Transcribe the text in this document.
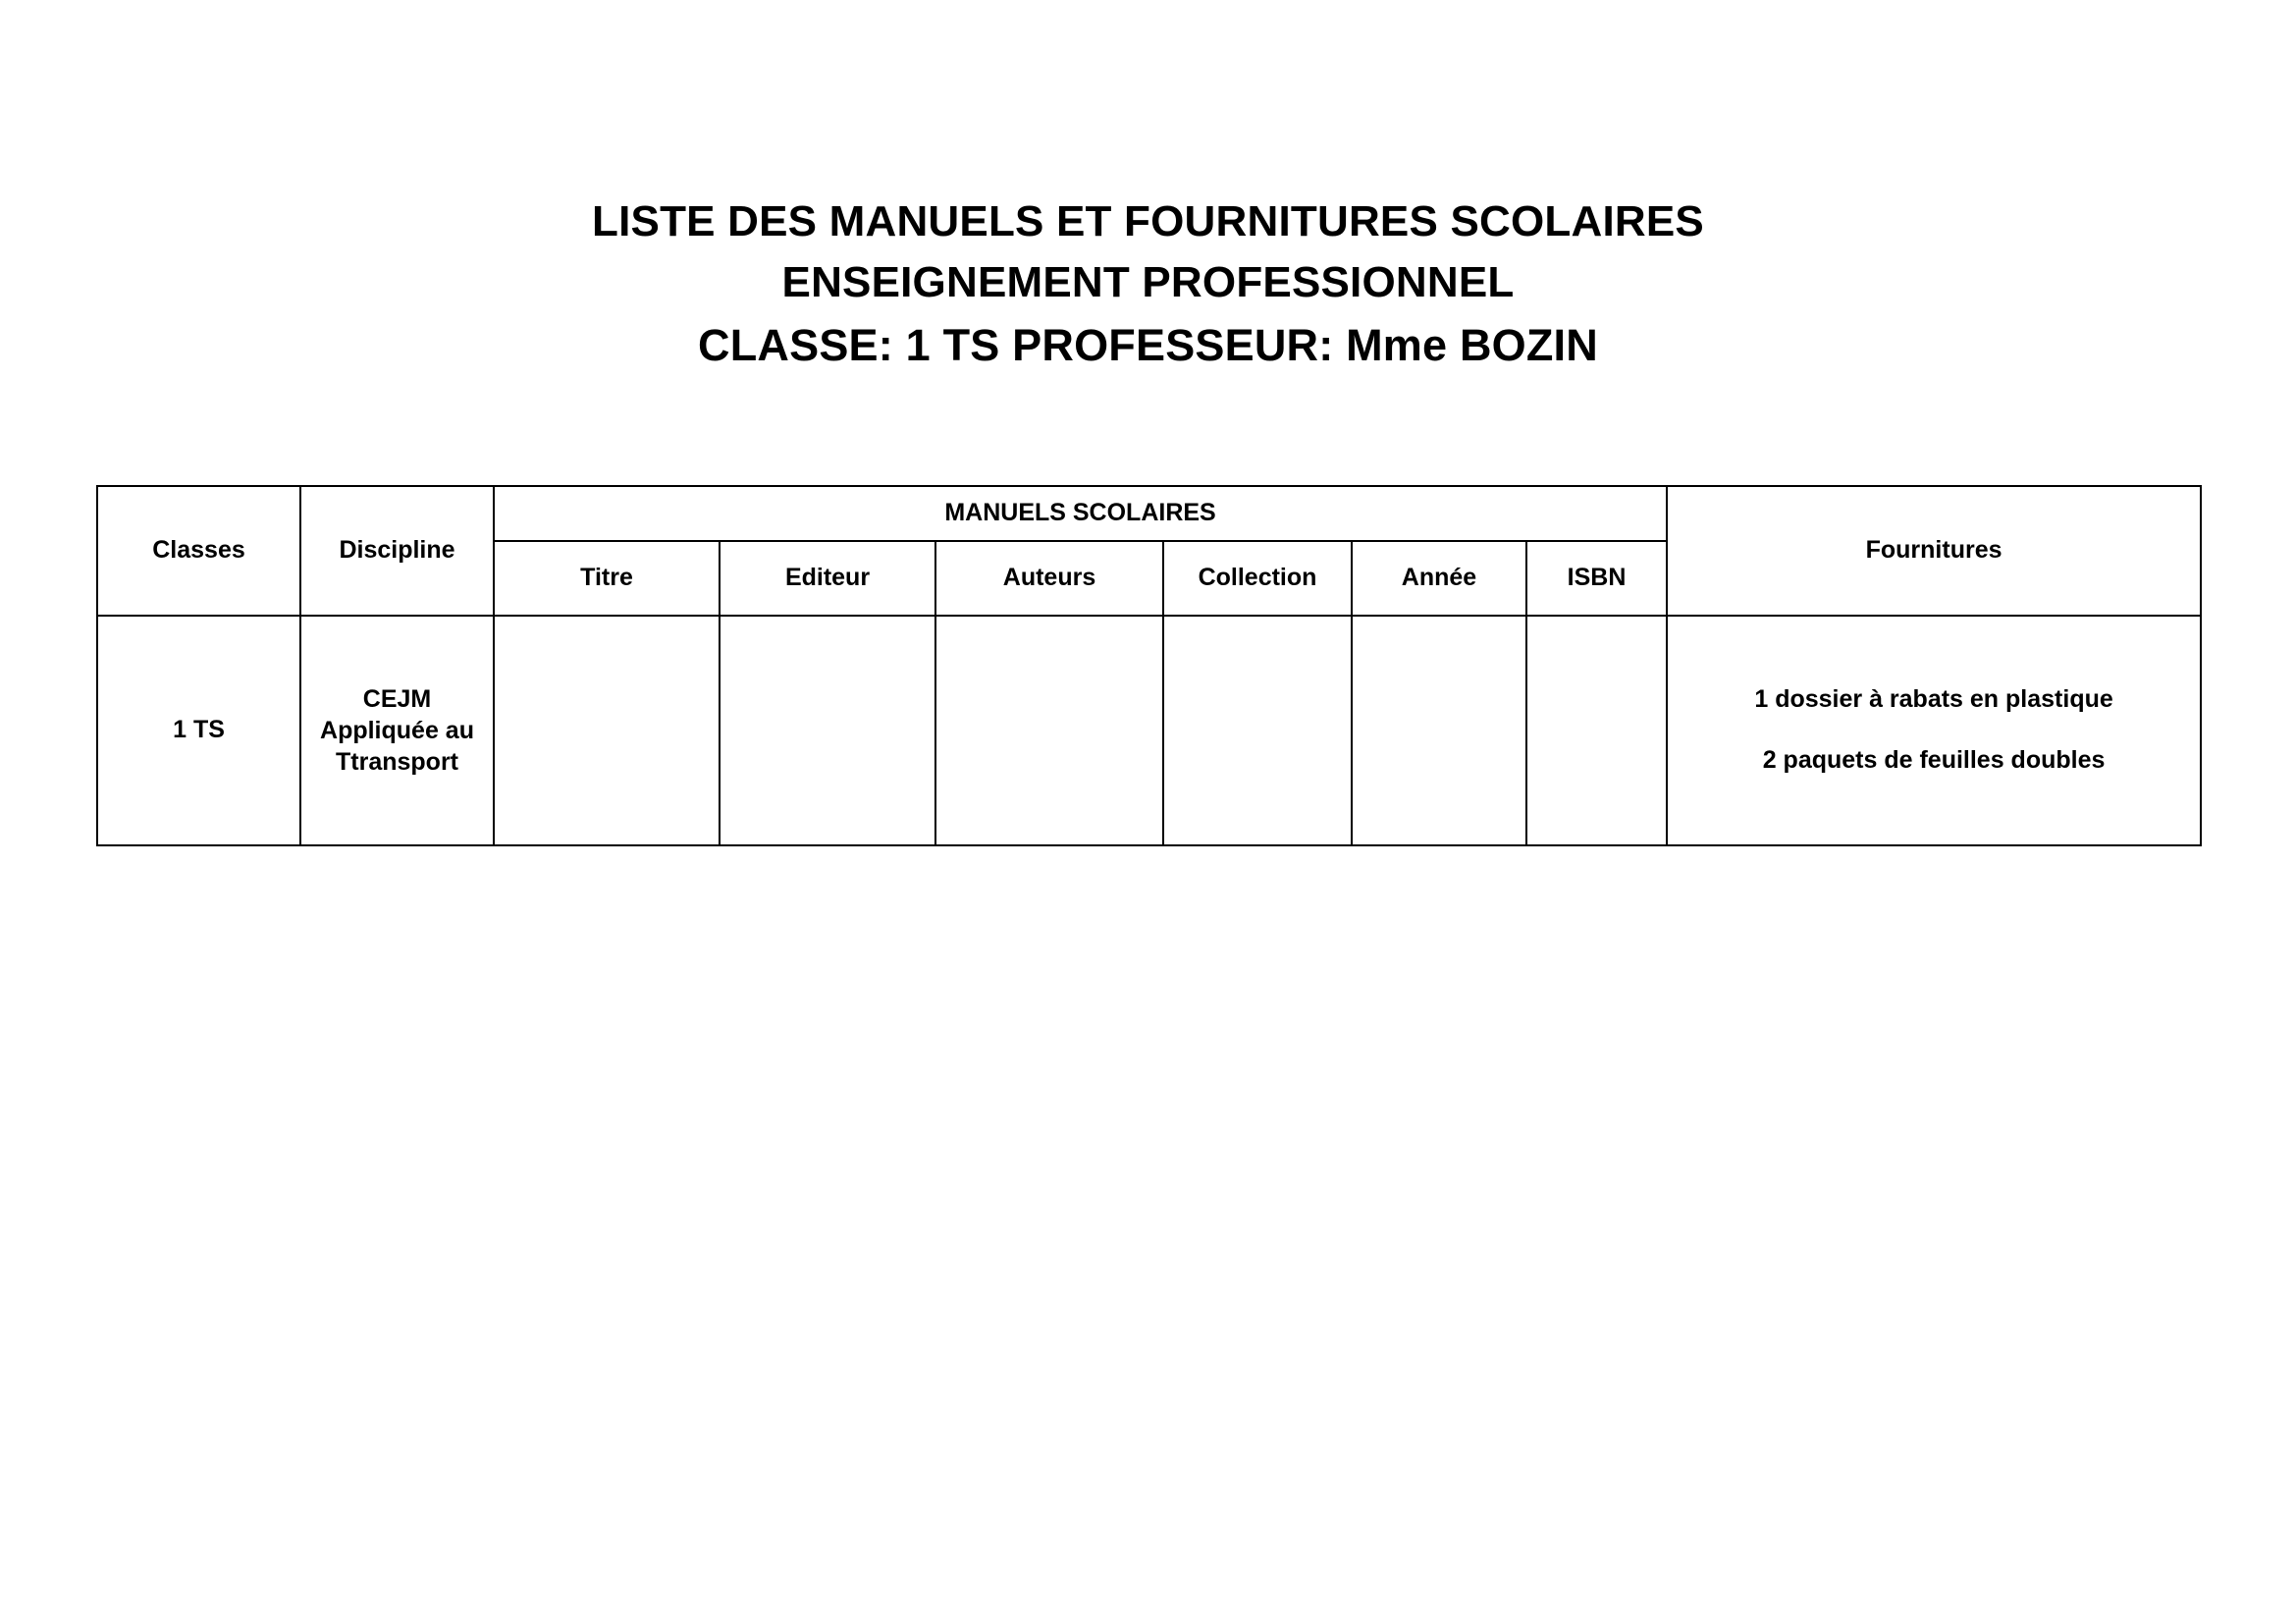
LISTE DES MANUELS ET FOURNITURES SCOLAIRES

ENSEIGNEMENT PROFESSIONNEL

CLASSE: 1 TS PROFESSEUR: Mme BOZIN

Classes	Discipline	MANUELS SCOLAIRES						Fournitures
		Titre	Editeur	Auteurs	Collection	Année	ISBN	
1 TS	CEJM Appliquée au Ttransport							1 dossier à rabats en plastique
2 paquets de feuilles doubles
